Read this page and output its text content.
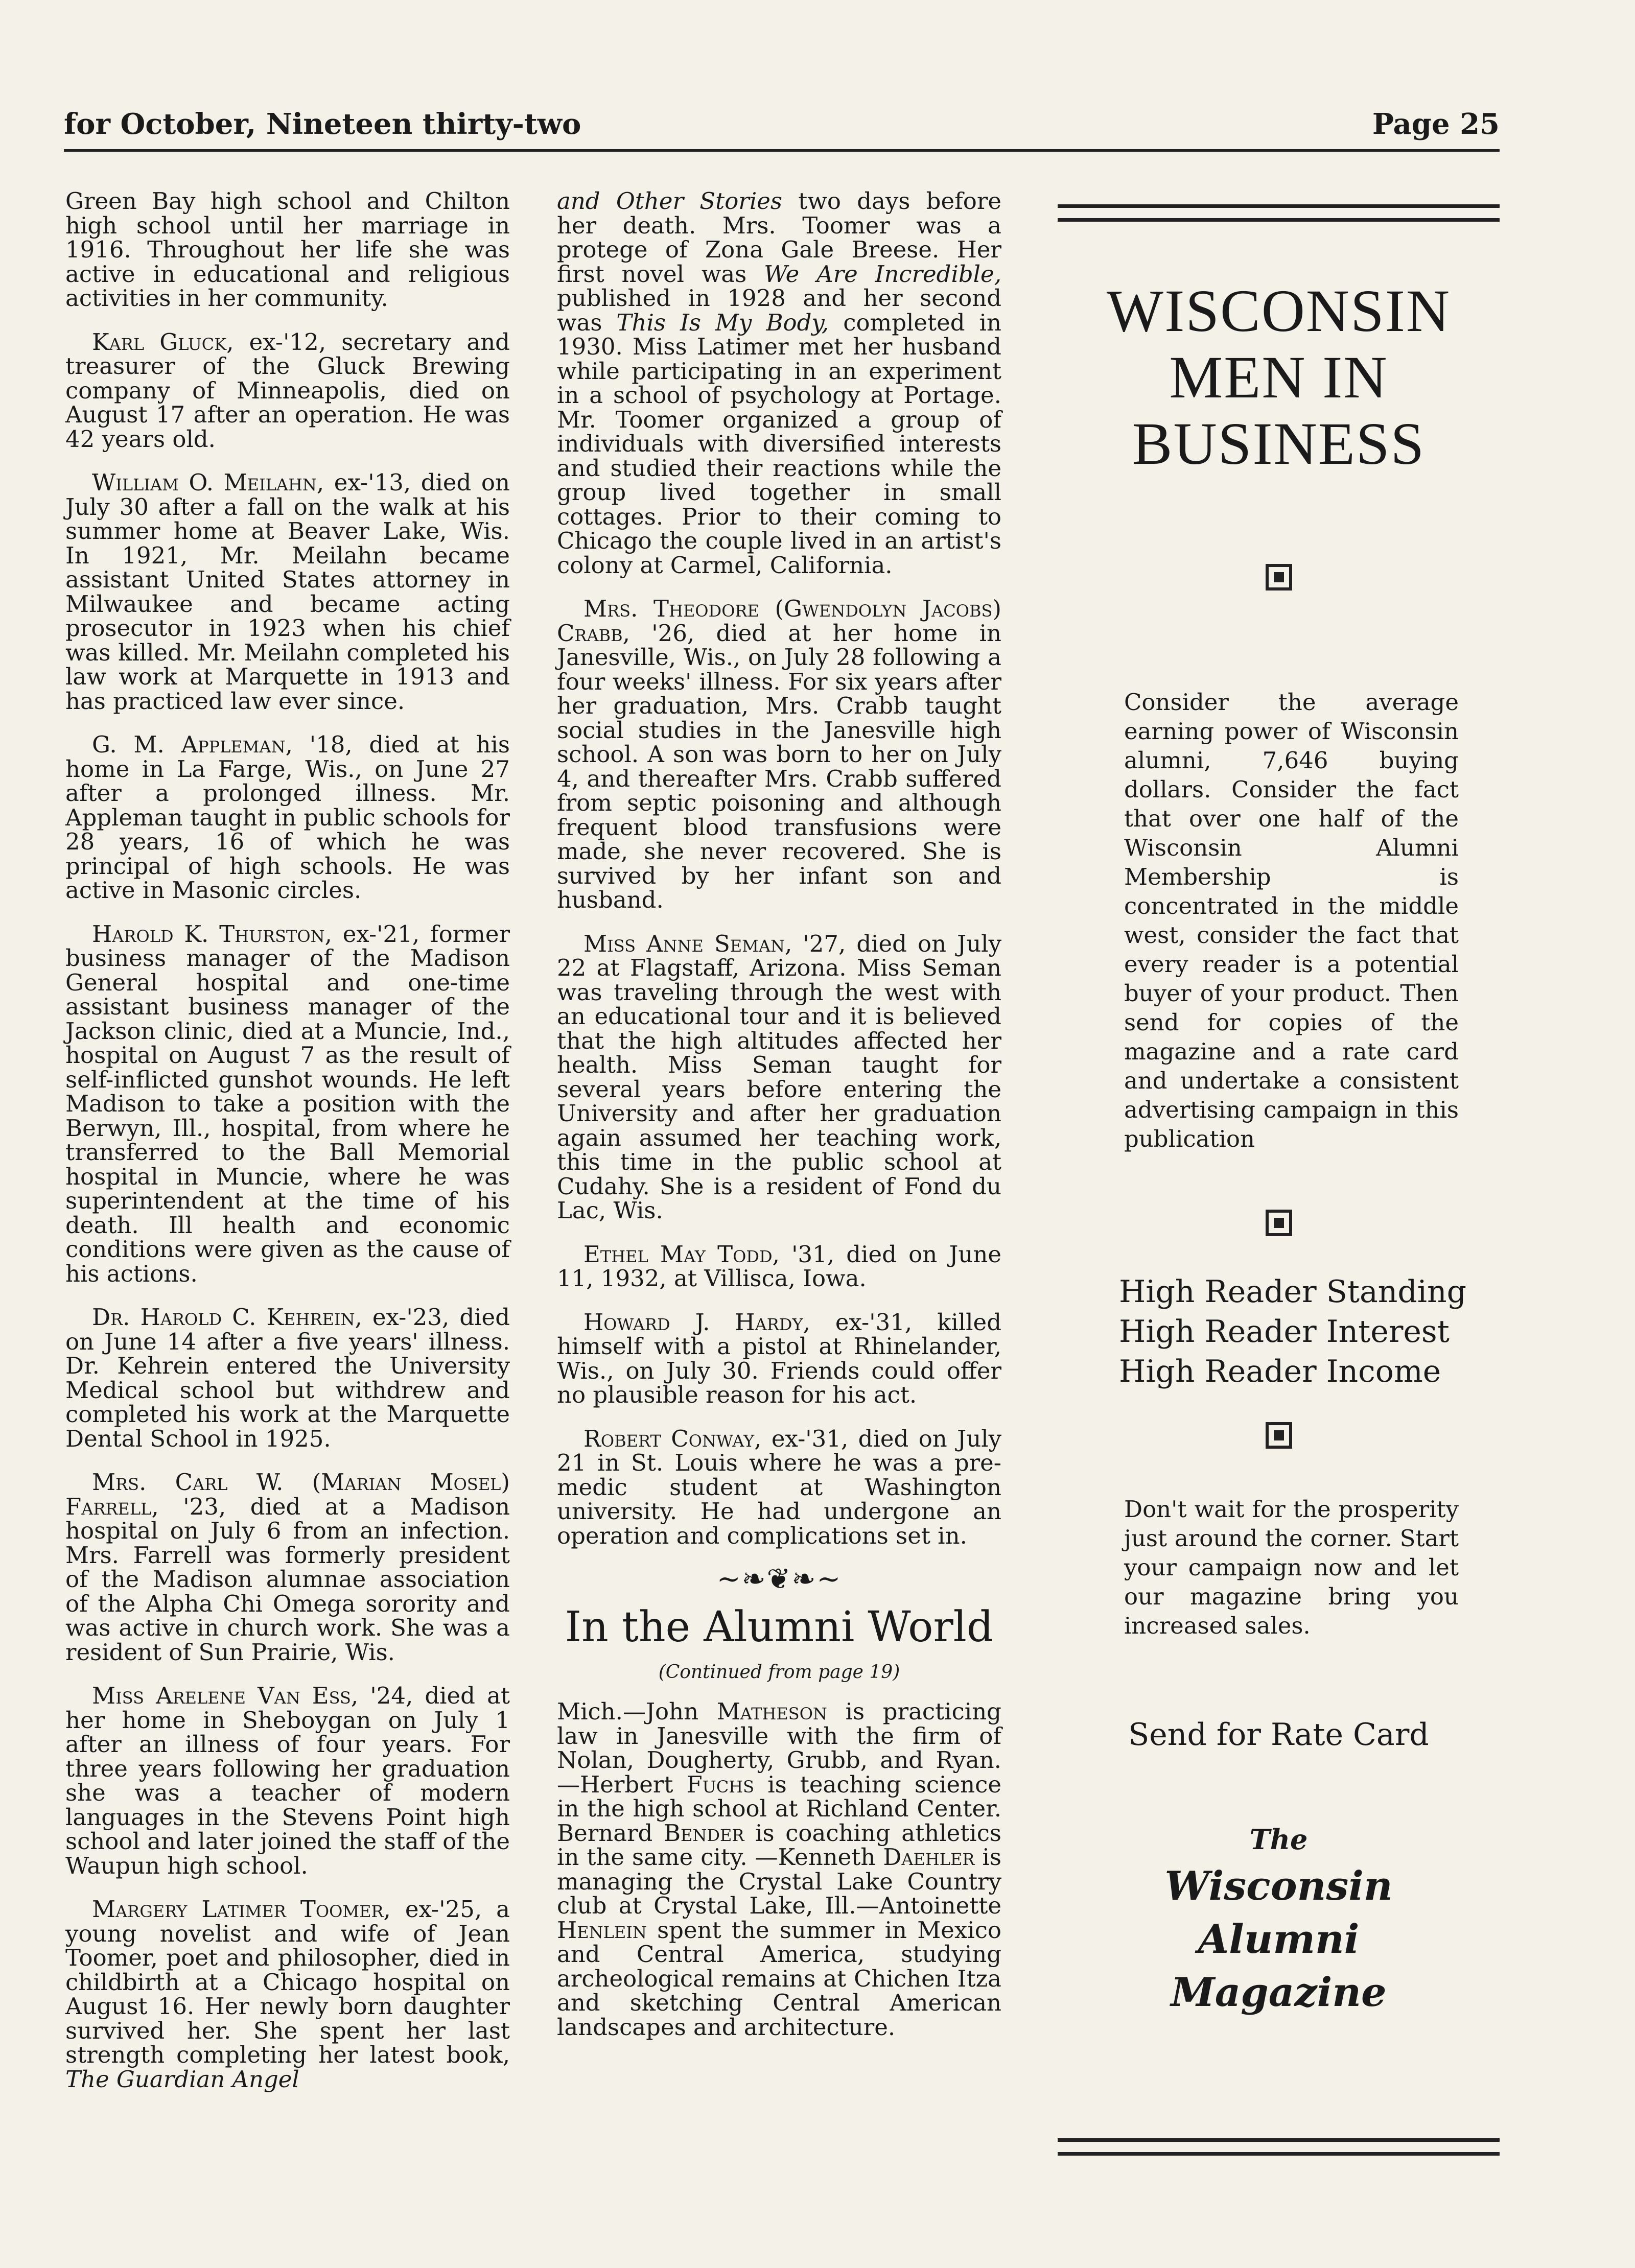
for October, Nineteen thirty-two	Page 25

Green Bay high school and Chilton high school until her marriage in 1916. Throughout her life she was active in educational and religious activities in her community.

Karl Gluck, ex-'12, secretary and treasurer of the Gluck Brewing company of Minneapolis, died on August 17 after an operation. He was 42 years old.

William O. Meilahn, ex-'13, died on July 30 after a fall on the walk at his summer home at Beaver Lake, Wis. In 1921, Mr. Meilahn became assistant United States attorney in Milwaukee and became acting prosecutor in 1923 when his chief was killed. Mr. Meilahn completed his law work at Marquette in 1913 and has practiced law ever since.

G. M. Appleman, '18, died at his home in La Farge, Wis., on June 27 after a prolonged illness. Mr. Appleman taught in public schools for 28 years, 16 of which he was principal of high schools. He was active in Masonic circles.

Harold K. Thurston, ex-'21, former business manager of the Madison General hospital and one-time assistant business manager of the Jackson clinic, died at a Muncie, Ind., hospital on August 7 as the result of self-inflicted gunshot wounds. He left Madison to take a position with the Berwyn, Ill., hospital, from where he transferred to the Ball Memorial hospital in Muncie, where he was superintendent at the time of his death. Ill health and economic conditions were given as the cause of his actions.

Dr. Harold C. Kehrein, ex-'23, died on June 14 after a five years' illness. Dr. Kehrein entered the University Medical school but withdrew and completed his work at the Marquette Dental School in 1925.

Mrs. Carl W. (Marian Mosel) Farrell, '23, died at a Madison hospital on July 6 from an infection. Mrs. Farrell was formerly president of the Madison alumnae association of the Alpha Chi Omega sorority and was active in church work. She was a resident of Sun Prairie, Wis.

Miss Arelene Van Ess, '24, died at her home in Sheboygan on July 1 after an illness of four years. For three years following her graduation she was a teacher of modern languages in the Stevens Point high school and later joined the staff of the Waupun high school.

Margery Latimer Toomer, ex-'25, a young novelist and wife of Jean Toomer, poet and philosopher, died in childbirth at a Chicago hospital on August 16. Her newly born daughter survived her. She spent her last strength completing her latest book, The Guardian Angel

and Other Stories two days before her death. Mrs. Toomer was a protege of Zona Gale Breese. Her first novel was We Are Incredible, published in 1928 and her second was This Is My Body, completed in 1930. Miss Latimer met her husband while participating in an experiment in a school of psychology at Portage. Mr. Toomer organized a group of individuals with diversified interests and studied their reactions while the group lived together in small cottages. Prior to their coming to Chicago the couple lived in an artist's colony at Carmel, California.

Mrs. Theodore (Gwendolyn Jacobs) Crabb, '26, died at her home in Janesville, Wis., on July 28 following a four weeks' illness. For six years after her graduation, Mrs. Crabb taught social studies in the Janesville high school. A son was born to her on July 4, and thereafter Mrs. Crabb suffered from septic poisoning and although frequent blood transfusions were made, she never recovered. She is survived by her infant son and husband.

Miss Anne Seman, '27, died on July 22 at Flagstaff, Arizona. Miss Seman was traveling through the west with an educational tour and it is believed that the high altitudes affected her health. Miss Seman taught for several years before entering the University and after her graduation again assumed her teaching work, this time in the public school at Cudahy. She is a resident of Fond du Lac, Wis.

Ethel May Todd, '31, died on June 11, 1932, at Villisca, Iowa.

Howard J. Hardy, ex-'31, killed himself with a pistol at Rhinelander, Wis., on July 30. Friends could offer no plausible reason for his act.

Robert Conway, ex-'31, died on July 21 in St. Louis where he was a pre-medic student at Washington university. He had undergone an operation and complications set in.

~❧❦❧~
In the Alumni World
(Continued from page 19)

Mich.—John Matheson is practicing law in Janesville with the firm of Nolan, Dougherty, Grubb, and Ryan.—Herbert Fuchs is teaching science in the high school at Richland Center. Bernard Bender is coaching athletics in the same city. —Kenneth Daehler is managing the Crystal Lake Country club at Crystal Lake, Ill.—Antoinette Henlein spent the summer in Mexico and Central America, studying archeological remains at Chichen Itza and sketching Central American landscapes and architecture.

WISCONSIN
MEN IN
BUSINESS
Consider the average earning power of Wisconsin alumni, 7,646 buying dollars. Consider the fact that over one half of the Wisconsin Alumni Membership is concentrated in the middle west, consider the fact that every reader is a potential buyer of your product. Then send for copies of the magazine and a rate card and undertake a consistent advertising campaign in this publication
High Reader Standing
High Reader Interest
High Reader Income
Don't wait for the prosperity just around the corner. Start your campaign now and let our magazine bring you increased sales.
Send for Rate Card
The
Wisconsin
Alumni
Magazine
